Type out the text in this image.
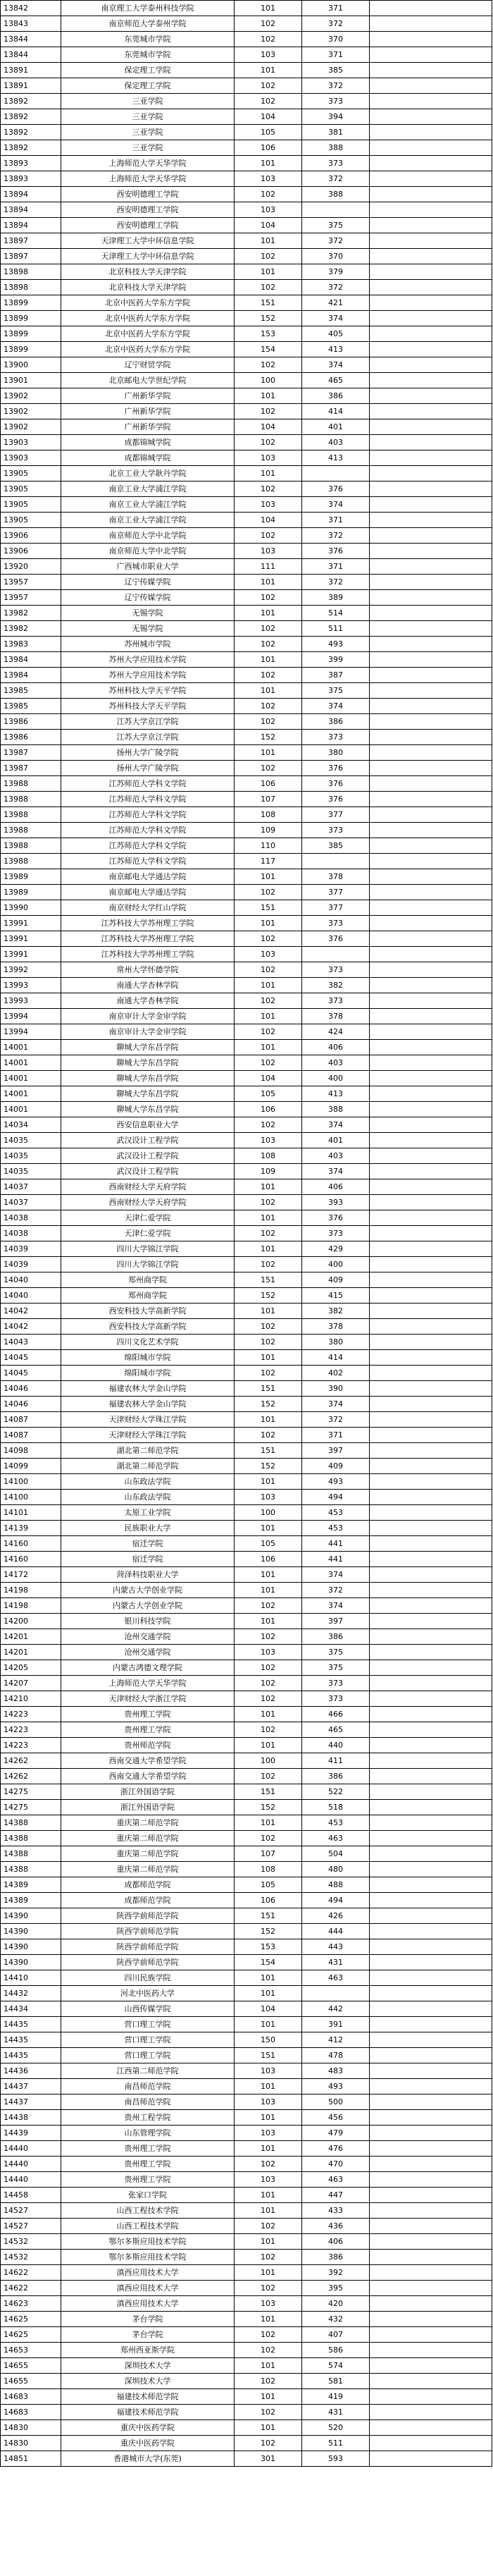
13842	南京理工大学泰州科技学院	101	371	
13843	南京师范大学泰州学院	102	372	
13844	东莞城市学院	102	370	
13844	东莞城市学院	103	371	
13891	保定理工学院	101	385	
13891	保定理工学院	102	372	
13892	三亚学院	102	373	
13892	三亚学院	104	394	
13892	三亚学院	105	381	
13892	三亚学院	106	388	
13893	上海师范大学天华学院	101	373	
13893	上海师范大学天华学院	103	372	
13894	西安明德理工学院	102	388	
13894	西安明德理工学院	103		
13894	西安明德理工学院	104	375	
13897	天津理工大学中环信息学院	101	372	
13897	天津理工大学中环信息学院	102	370	
13898	北京科技大学天津学院	101	379	
13898	北京科技大学天津学院	102	372	
13899	北京中医药大学东方学院	151	421	
13899	北京中医药大学东方学院	152	374	
13899	北京中医药大学东方学院	153	405	
13899	北京中医药大学东方学院	154	413	
13900	辽宁财贸学院	102	374	
13901	北京邮电大学世纪学院	100	465	
13902	广州新华学院	101	386	
13902	广州新华学院	102	414	
13902	广州新华学院	104	401	
13903	成都锦城学院	102	403	
13903	成都锦城学院	103	413	
13905	北京工业大学耿丹学院	101		
13905	南京工业大学浦江学院	102	376	
13905	南京工业大学浦江学院	103	374	
13905	南京工业大学浦江学院	104	371	
13906	南京师范大学中北学院	102	372	
13906	南京师范大学中北学院	103	376	
13920	广西城市职业大学	111	371	
13957	辽宁传媒学院	101	372	
13957	辽宁传媒学院	102	389	
13982	无锡学院	101	514	
13982	无锡学院	102	511	
13983	苏州城市学院	102	493	
13984	苏州大学应用技术学院	101	399	
13984	苏州大学应用技术学院	102	387	
13985	苏州科技大学天平学院	101	375	
13985	苏州科技大学天平学院	102	374	
13986	江苏大学京江学院	102	386	
13986	江苏大学京江学院	152	373	
13987	扬州大学广陵学院	101	380	
13987	扬州大学广陵学院	102	376	
13988	江苏师范大学科文学院	106	376	
13988	江苏师范大学科文学院	107	376	
13988	江苏师范大学科文学院	108	377	
13988	江苏师范大学科文学院	109	373	
13988	江苏师范大学科文学院	110	385	
13988	江苏师范大学科文学院	117		
13989	南京邮电大学通达学院	101	378	
13989	南京邮电大学通达学院	102	377	
13990	南京财经大学红山学院	151	377	
13991	江苏科技大学苏州理工学院	101	373	
13991	江苏科技大学苏州理工学院	102	376	
13991	江苏科技大学苏州理工学院	103		
13992	常州大学怀德学院	102	373	
13993	南通大学杏林学院	101	382	
13993	南通大学杏林学院	102	373	
13994	南京审计大学金审学院	101	378	
13994	南京审计大学金审学院	102	424	
14001	聊城大学东昌学院	101	406	
14001	聊城大学东昌学院	102	403	
14001	聊城大学东昌学院	104	400	
14001	聊城大学东昌学院	105	413	
14001	聊城大学东昌学院	106	388	
14034	西安信息职业大学	102	374	
14035	武汉设计工程学院	103	401	
14035	武汉设计工程学院	108	403	
14035	武汉设计工程学院	109	374	
14037	西南财经大学天府学院	101	406	
14037	西南财经大学天府学院	102	393	
14038	天津仁爱学院	101	376	
14038	天津仁爱学院	102	373	
14039	四川大学锦江学院	101	429	
14039	四川大学锦江学院	102	400	
14040	郑州商学院	151	409	
14040	郑州商学院	152	415	
14042	西安科技大学高新学院	101	382	
14042	西安科技大学高新学院	102	378	
14043	四川文化艺术学院	102	380	
14045	绵阳城市学院	101	414	
14045	绵阳城市学院	102	402	
14046	福建农林大学金山学院	151	390	
14046	福建农林大学金山学院	152	374	
14087	天津财经大学珠江学院	101	372	
14087	天津财经大学珠江学院	102	371	
14098	湖北第二师范学院	151	397	
14099	湖北第二师范学院	152	409	
14100	山东政法学院	101	493	
14100	山东政法学院	103	494	
14101	太原工业学院	100	453	
14139	民族职业大学	101	453	
14160	宿迁学院	105	441	
14160	宿迁学院	106	441	
14172	菏泽科技职业大学	101	374	
14198	内蒙古大学创业学院	101	372	
14198	内蒙古大学创业学院	102	374	
14200	银川科技学院	101	397	
14201	沧州交通学院	102	386	
14201	沧州交通学院	103	375	
14205	内蒙古鸿德文理学院	102	375	
14207	上海师范大学天华学院	102	373	
14210	天津财经大学浙江学院	102	373	
14223	贵州理工学院	101	466	
14223	贵州理工学院	102	465	
14223	贵州师范学院	101	440	
14262	西南交通大学希望学院	100	411	
14262	西南交通大学希望学院	102	386	
14275	浙江外国语学院	151	522	
14275	浙江外国语学院	152	518	
14388	重庆第二师范学院	101	453	
14388	重庆第二师范学院	102	463	
14388	重庆第二师范学院	107	504	
14388	重庆第二师范学院	108	480	
14389	成都师范学院	105	488	
14389	成都师范学院	106	494	
14390	陕西学前师范学院	151	426	
14390	陕西学前师范学院	152	444	
14390	陕西学前师范学院	153	443	
14390	陕西学前师范学院	154	431	
14410	四川民族学院	101	463	
14432	河北中医药大学	101		
14434	山西传媒学院	104	442	
14435	营口理工学院	101	391	
14435	营口理工学院	150	412	
14435	营口理工学院	151	478	
14436	江西第二师范学院	103	483	
14437	南昌师范学院	101	493	
14437	南昌师范学院	103	500	
14438	贵州工程学院	101	456	
14439	山东管理学院	103	479	
14440	贵州理工学院	101	476	
14440	贵州理工学院	102	470	
14440	贵州理工学院	103	463	
14458	张家口学院	101	447	
14527	山西工程技术学院	101	433	
14527	山西工程技术学院	102	436	
14532	鄂尔多斯应用技术学院	101	406	
14532	鄂尔多斯应用技术学院	102	386	
14622	滇西应用技术大学	101	392	
14622	滇西应用技术大学	102	395	
14623	滇西应用技术大学	103	420	
14625	茅台学院	101	432	
14625	茅台学院	102	407	
14653	郑州西亚斯学院	102	586	
14655	深圳技术大学	101	574	
14655	深圳技术大学	102	581	
14683	福建技术师范学院	101	419	
14683	福建技术师范学院	102	431	
14830	重庆中医药学院	101	520	
14830	重庆中医药学院	102	511	
14851	香港城市大学(东莞)	301	593	
